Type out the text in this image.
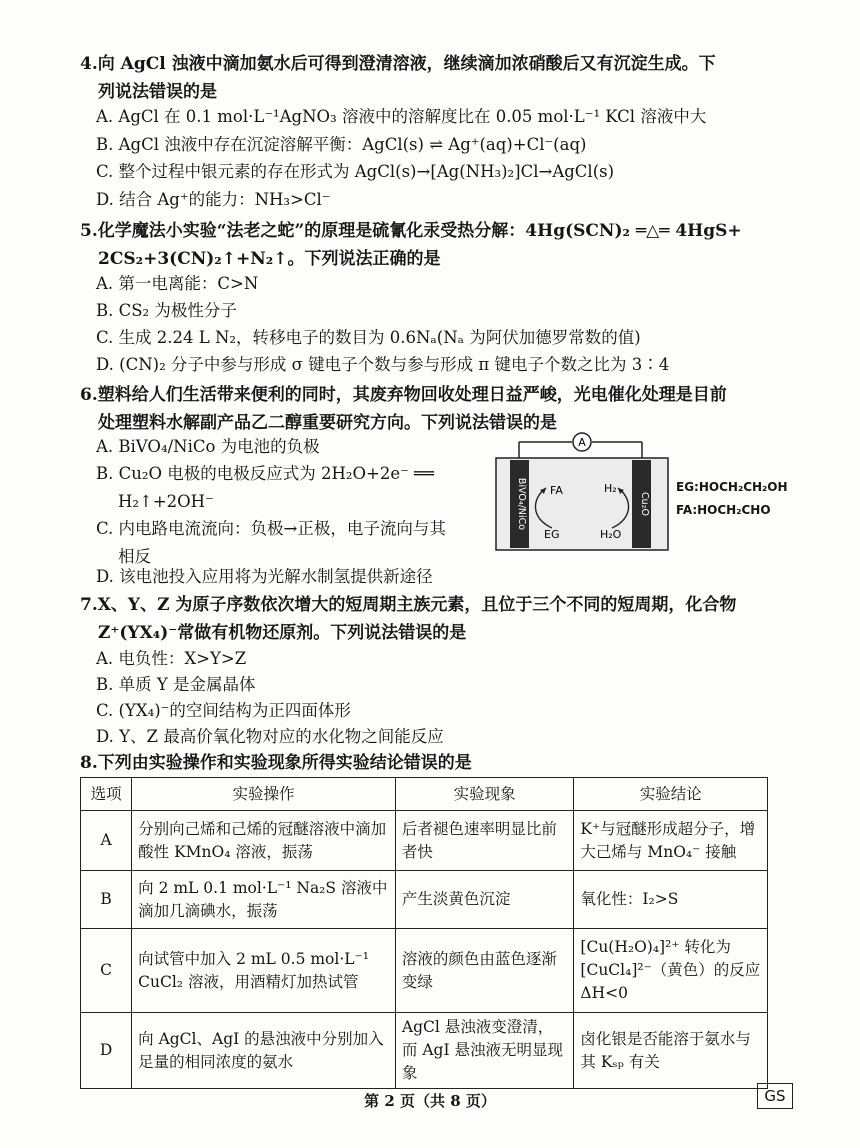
4.向 AgCl 浊液中滴加氨水后可得到澄清溶液，继续滴加浓硝酸后又有沉淀生成。下
列说法错误的是
A. AgCl 在 0.1 mol·L⁻¹AgNO₃ 溶液中的溶解度比在 0.05 mol·L⁻¹ KCl 溶液中大
B. AgCl 浊液中存在沉淀溶解平衡：AgCl(s) ⇌ Ag⁺(aq)+Cl⁻(aq)
C. 整个过程中银元素的存在形式为 AgCl(s)→[Ag(NH₃)₂]Cl→AgCl(s)
D. 结合 Ag⁺的能力：NH₃>Cl⁻
5.化学魔法小实验“法老之蛇”的原理是硫氰化汞受热分解：4Hg(SCN)₂ ═△═ 4HgS+
2CS₂+3(CN)₂↑+N₂↑。下列说法正确的是
A. 第一电离能：C>N
B. CS₂ 为极性分子
C. 生成 2.24 L N₂，转移电子的数目为 0.6Nₐ(Nₐ 为阿伏加德罗常数的值)
D. (CN)₂ 分子中参与形成 σ 键电子个数与参与形成 π 键电子个数之比为 3∶4
6.塑料给人们生活带来便利的同时，其废弃物回收处理日益严峻，光电催化处理是目前
处理塑料水解副产品乙二醇重要研究方向。下列说法错误的是
A. BiVO₄/NiCo 为电池的负极
B. Cu₂O 电极的电极反应式为 2H₂O+2e⁻ ══
H₂↑+2OH⁻
C. 内电路电流流向：负极→正极，电子流向与其
相反
D. 该电池投入应用将为光解水制氢提供新途径
A
BiVO₄/NiCo	Cu₂O
FA
EG
H₂
H₂O
EG:HOCH₂CH₂OH
FA:HOCH₂CHO
7.X、Y、Z 为原子序数依次增大的短周期主族元素，且位于三个不同的短周期，化合物
Z⁺(YX₄)⁻常做有机物还原剂。下列说法错误的是
A. 电负性：X>Y>Z
B. 单质 Y 是金属晶体
C. (YX₄)⁻的空间结构为正四面体形
D. Y、Z 最高价氧化物对应的水化物之间能反应
8.下列由实验操作和实验现象所得实验结论错误的是
选项	实验操作	实验现象	实验结论
A	分别向己烯和己烯的冠醚溶液中滴加酸性 KMnO₄ 溶液，振荡	后者褪色速率明显比前者快	K⁺与冠醚形成超分子，增大己烯与 MnO₄⁻ 接触
B	向 2 mL 0.1 mol·L⁻¹ Na₂S 溶液中滴加几滴碘水，振荡	产生淡黄色沉淀	氧化性：I₂>S
C	向试管中加入 2 mL 0.5 mol·L⁻¹ CuCl₂ 溶液，用酒精灯加热试管	溶液的颜色由蓝色逐渐变绿	[Cu(H₂O)₄]²⁺ 转化为 [CuCl₄]²⁻（黄色）的反应 ΔH<0
D	向 AgCl、AgI 的悬浊液中分别加入足量的相同浓度的氨水	AgCl 悬浊液变澄清，而 AgI 悬浊液无明显现象	卤化银是否能溶于氨水与其 Kₛₚ 有关
第 2 页（共 8 页）	GS
